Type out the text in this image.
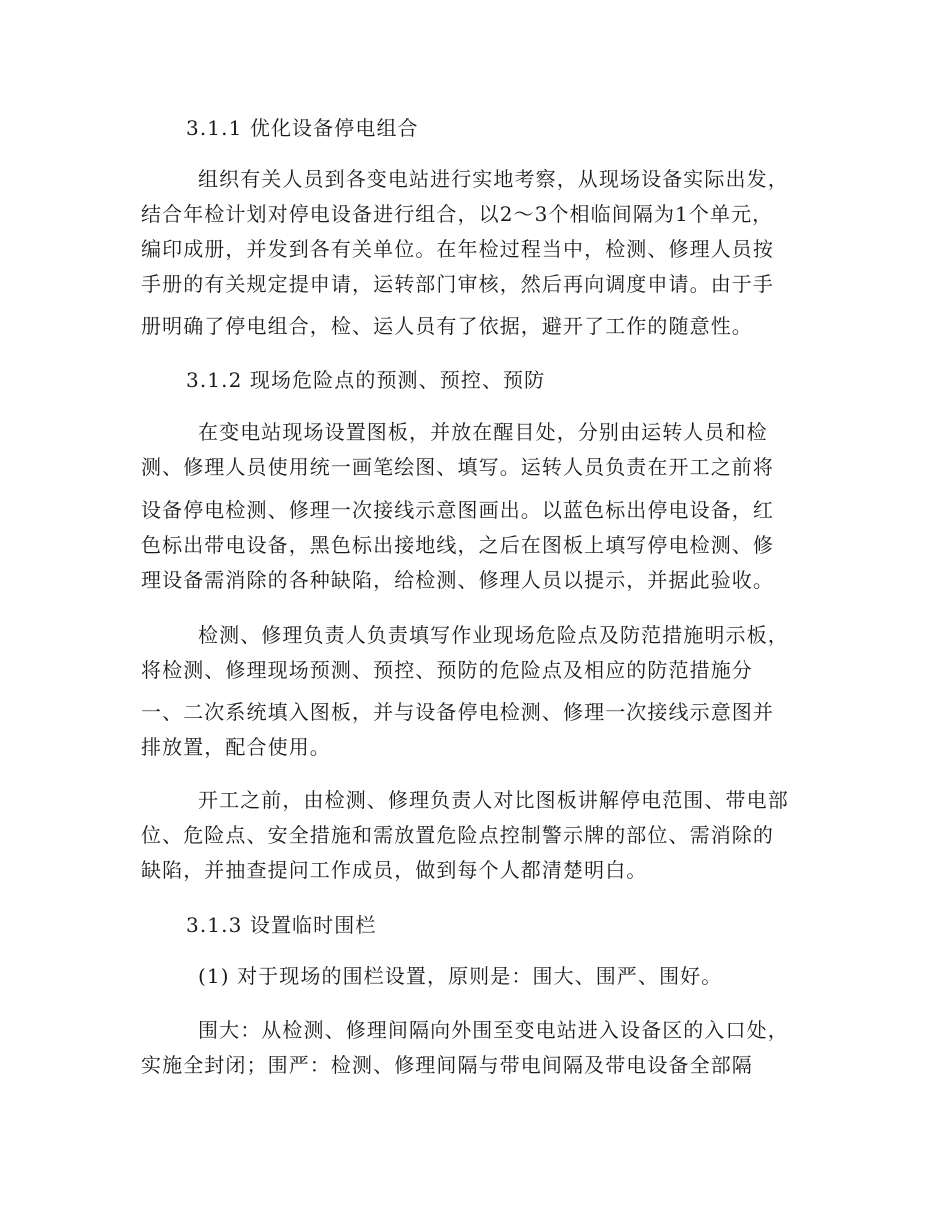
3.1.1 优化设备停电组合
组织有关人员到各变电站进行实地考察，从现场设备实际出发，
结合年检计划对停电设备进行组合，以2～3个相临间隔为1个单元，
编印成册，并发到各有关单位。在年检过程当中，检测、修理人员按
手册的有关规定提申请，运转部门审核，然后再向调度申请。由于手
册明确了停电组合，检、运人员有了依据，避开了工作的随意性。
3.1.2 现场危险点的预测、预控、预防
在变电站现场设置图板，并放在醒目处，分别由运转人员和检
测、修理人员使用统一画笔绘图、填写。运转人员负责在开工之前将
设备停电检测、修理一次接线示意图画出。以蓝色标出停电设备，红
色标出带电设备，黑色标出接地线，之后在图板上填写停电检测、修
理设备需消除的各种缺陷，给检测、修理人员以提示，并据此验收。
检测、修理负责人负责填写作业现场危险点及防范措施明示板，
将检测、修理现场预测、预控、预防的危险点及相应的防范措施分
一、二次系统填入图板，并与设备停电检测、修理一次接线示意图并
排放置，配合使用。
开工之前，由检测、修理负责人对比图板讲解停电范围、带电部
位、危险点、安全措施和需放置危险点控制警示牌的部位、需消除的
缺陷，并抽查提问工作成员，做到每个人都清楚明白。
3.1.3 设置临时围栏
(1) 对于现场的围栏设置，原则是：围大、围严、围好。
围大：从检测、修理间隔向外围至变电站进入设备区的入口处，
实施全封闭；围严：检测、修理间隔与带电间隔及带电设备全部隔
